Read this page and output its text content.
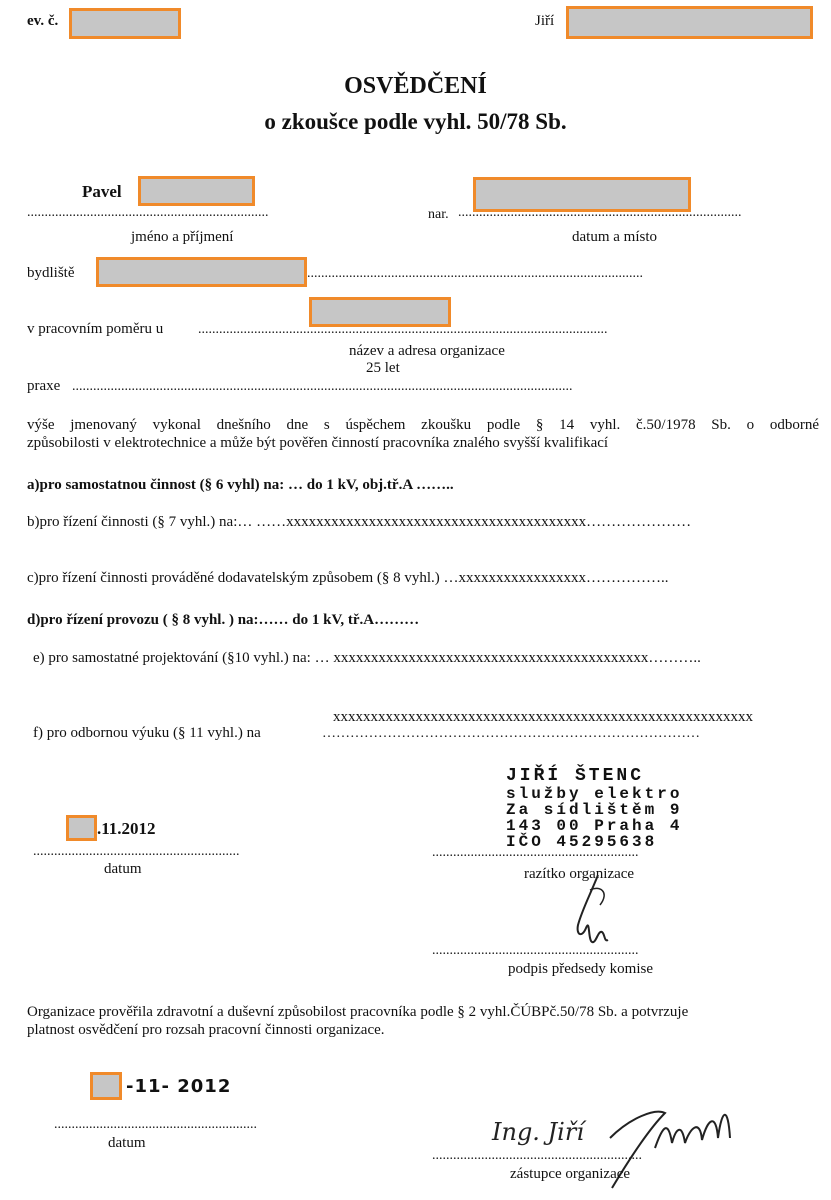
ev. č.	Jiří
OSVĚDČENÍ
o zkoušce podle vyhl. 50/78 Sb.
Pavel
.....................................................................
jméno a příjmení
nar. .................................................................................
datum a místo
bydliště	................................................................................................
v pracovním poměru u .....................................................................................................................
název a adresa organizace
25 let
praxe ...............................................................................................................................................
výše jmenovaný vykonal dnešního dne s úspěchem zkoušku podle § 14 vyhl. č.50/1978 Sb. o odborné
způsobilosti v elektrotechnice a může být pověřen činností pracovníka znalého svyšší kvalifikací
a)pro samostatnou činnost (§ 6 vyhl) na: … do 1 kV, obj.tř.A ……..
b)pro řízení činnosti (§ 7 vyhl.) na:… ……xxxxxxxxxxxxxxxxxxxxxxxxxxxxxxxxxxxxxxxx…………………
c)pro řízení činnosti prováděné dodavatelským způsobem (§ 8 vyhl.) …xxxxxxxxxxxxxxxxx……………..
d)pro řízení provozu ( § 8 vyhl. ) na:…… do 1 kV, tř.A………
e) pro samostatné projektování (§10 vyhl.) na: … xxxxxxxxxxxxxxxxxxxxxxxxxxxxxxxxxxxxxxxxxx………..
xxxxxxxxxxxxxxxxxxxxxxxxxxxxxxxxxxxxxxxxxxxxxxxxxxxxxxxx
f) pro odbornou výuku (§ 11 vyhl.) na	………………………………………………………………………
JIŘÍ ŠTENC
služby elektro
Za sídlištěm 9
143 00 Praha 4
IČO 45295638
.11.2012
...........................................................
datum
...........................................................
razítko organizace
...........................................................
podpis předsedy komise
Organizace prověřila zdravotní a duševní způsobilost pracovníka podle § 2 vyhl.ČÚBPč.50/78 Sb. a potvrzuje
platnost osvědčení pro rozsah pracovní činnosti organizace.
-11- 2012
..........................................................
datum	Ing. Jiří
............................................................
zástupce organizace
